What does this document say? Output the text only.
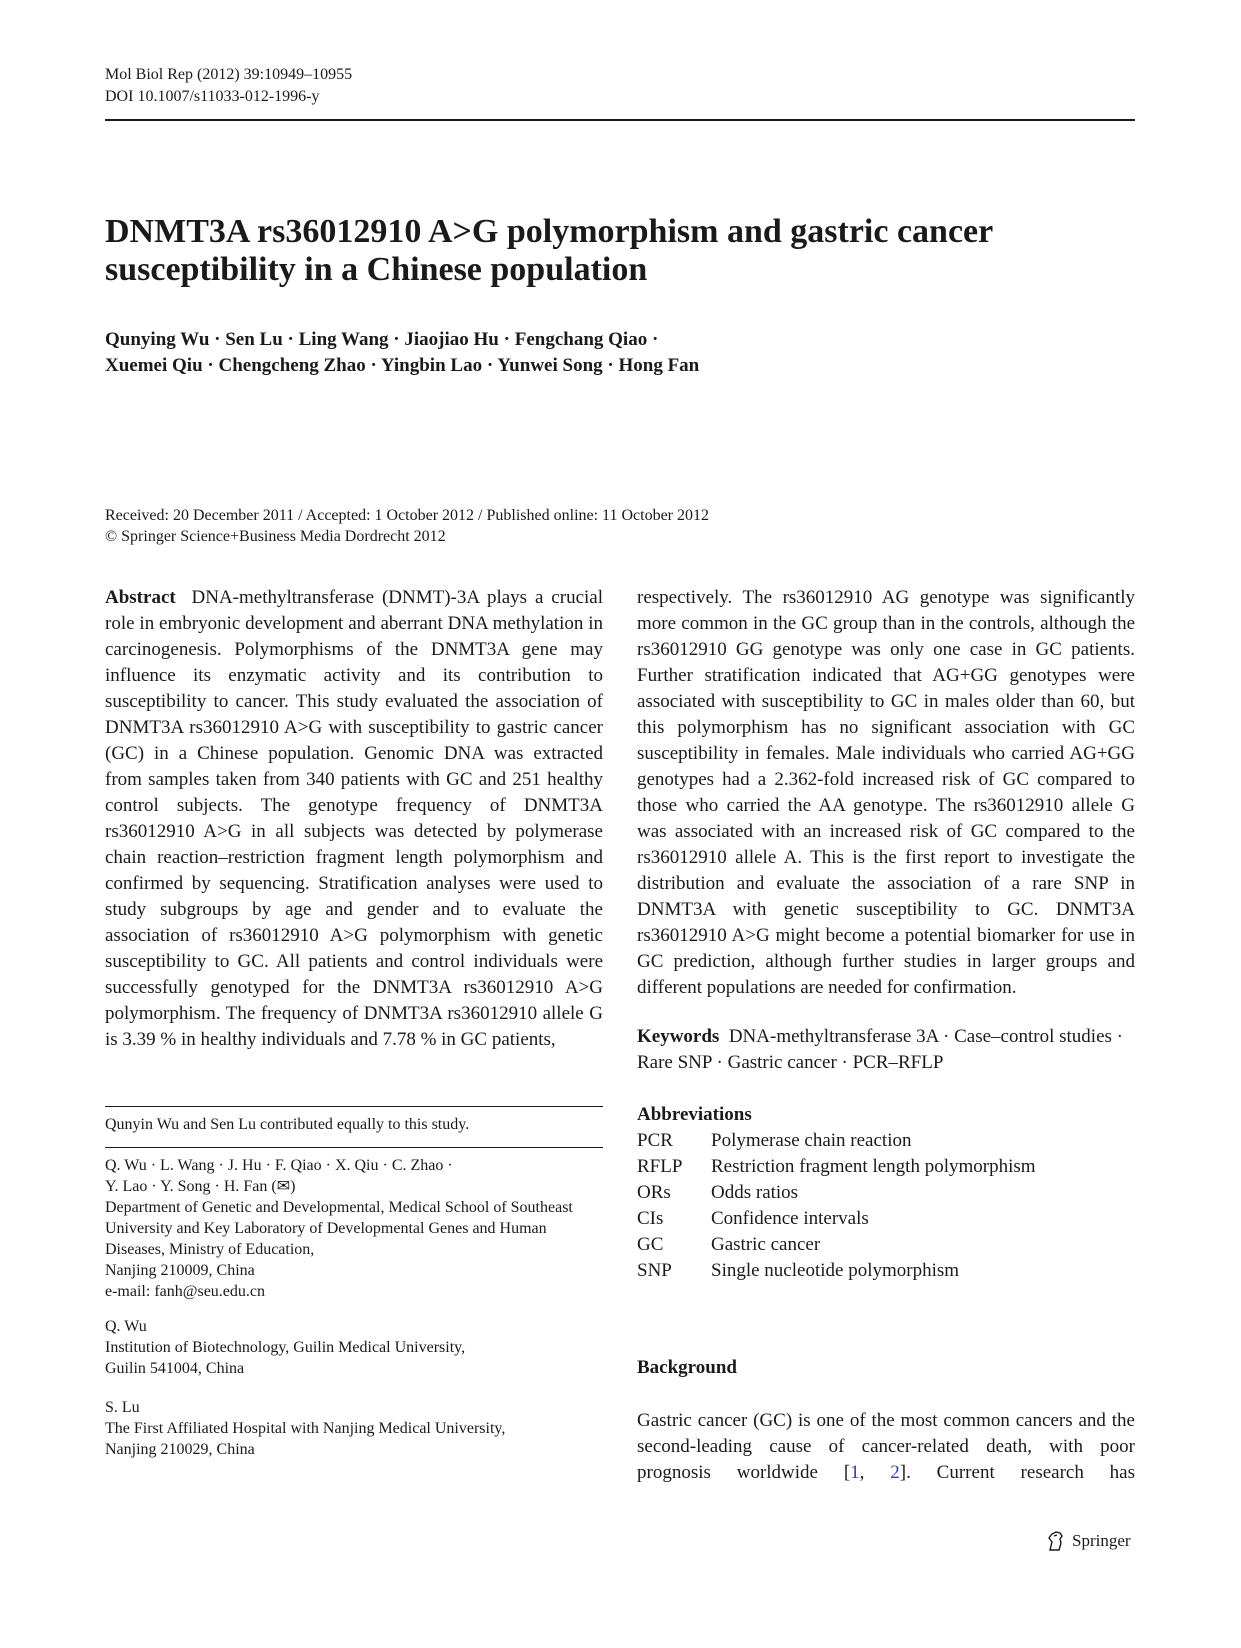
Mol Biol Rep (2012) 39:10949–10955
DOI 10.1007/s11033-012-1996-y
DNMT3A rs36012910 A>G polymorphism and gastric cancer
susceptibility in a Chinese population
Qunying Wu · Sen Lu · Ling Wang · Jiaojiao Hu · Fengchang Qiao ·
Xuemei Qiu · Chengcheng Zhao · Yingbin Lao · Yunwei Song · Hong Fan
Received: 20 December 2011 / Accepted: 1 October 2012 / Published online: 11 October 2012
© Springer Science+Business Media Dordrecht 2012

Abstract DNA-methyltransferase (DNMT)-3A plays a crucial role in embryonic development and aberrant DNA methylation in carcinogenesis. Polymorphisms of the DNMT3A gene may influence its enzymatic activity and its contribution to susceptibility to cancer. This study evaluated the association of DNMT3A rs36012910 A>G with susceptibility to gastric cancer (GC) in a Chinese population. Genomic DNA was extracted from samples taken from 340 patients with GC and 251 healthy control subjects. The genotype frequency of DNMT3A rs36012910 A>G in all subjects was detected by polymerase chain reaction–restriction fragment length polymorphism and confirmed by sequencing. Stratification analyses were used to study subgroups by age and gender and to evaluate the association of rs36012910 A>G polymorphism with genetic susceptibility to GC. All patients and control individuals were successfully genotyped for the DNMT3A rs36012910 A>G polymorphism. The frequency of DNMT3A rs36012910 allele G is 3.39 % in healthy individuals and 7.78 % in GC patients,

respectively. The rs36012910 AG genotype was significantly more common in the GC group than in the controls, although the rs36012910 GG genotype was only one case in GC patients. Further stratification indicated that AG+GG genotypes were associated with susceptibility to GC in males older than 60, but this polymorphism has no significant association with GC susceptibility in females. Male individuals who carried AG+GG genotypes had a 2.362-fold increased risk of GC compared to those who carried the AA genotype. The rs36012910 allele G was associated with an increased risk of GC compared to the rs36012910 allele A. This is the first report to investigate the distribution and evaluate the association of a rare SNP in DNMT3A with genetic susceptibility to GC. DNMT3A rs36012910 A>G might become a potential biomarker for use in GC prediction, although further studies in larger groups and different populations are needed for confirmation.

Keywords DNA-methyltransferase 3A · Case–control studies · Rare SNP · Gastric cancer · PCR–RFLP
Abbreviations
PCR	Polymerase chain reaction
RFLP	Restriction fragment length polymorphism
ORs	Odds ratios
CIs	Confidence intervals
GC	Gastric cancer
SNP	Single nucleotide polymorphism
Background
Gastric cancer (GC) is one of the most common cancers and the second-leading cause of cancer-related death, with poor prognosis worldwide [1, 2]. Current research has
Qunyin Wu and Sen Lu contributed equally to this study.

Q. Wu · L. Wang · J. Hu · F. Qiao · X. Qiu · C. Zhao ·

Y. Lao · Y. Song · H. Fan (✉)

Department of Genetic and Developmental, Medical School of Southeast University and Key Laboratory of Developmental Genes and Human Diseases, Ministry of Education,

Nanjing 210009, China

e-mail: fanh@seu.edu.cn

Q. Wu

Institution of Biotechnology, Guilin Medical University,

Guilin 541004, China

S. Lu

The First Affiliated Hospital with Nanjing Medical University,

Nanjing 210029, China

Springer
